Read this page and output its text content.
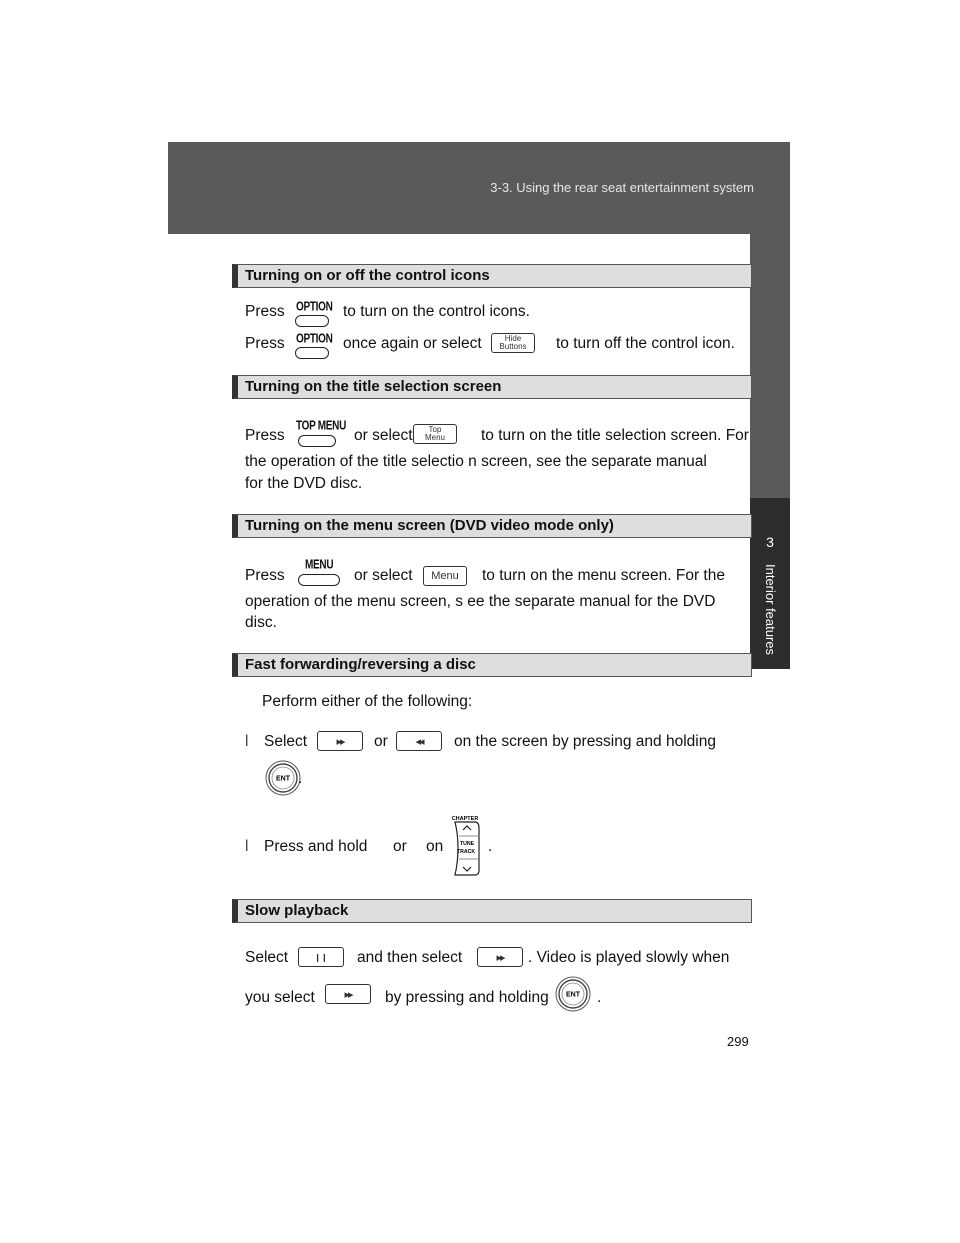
3-3. Using the rear seat entertainment system
3
Interior features
Turning on or off the control icons
Press OPTION to turn on the control icons.
Press OPTION once again or select	Hide
Buttons to turn off the control icon.
Turning on the title selection screen
Press
TOP MENU
or select Top
Menu to turn on the title selection screen. For
the operation of the title selectio n screen, see the separate manual
for the DVD disc.
Turning on the menu screen (DVD video mode only)
Press
MENU
or select Menu to turn on the menu screen. For the
operation of the menu screen, s ee the separate manual for the DVD
disc.
Fast forwarding/reversing a disc
Perform either of the following:
l Select	▸▸ or	◂◂ on the screen by pressing and holding
ENT .
l Press and hold or on
CHAPTER
TUNE
TRACK .
Slow playback
Select	❙❙ and then select	▸▸ . Video is played slowly when
you select	▸▸ by pressing and holding ENT .
299
